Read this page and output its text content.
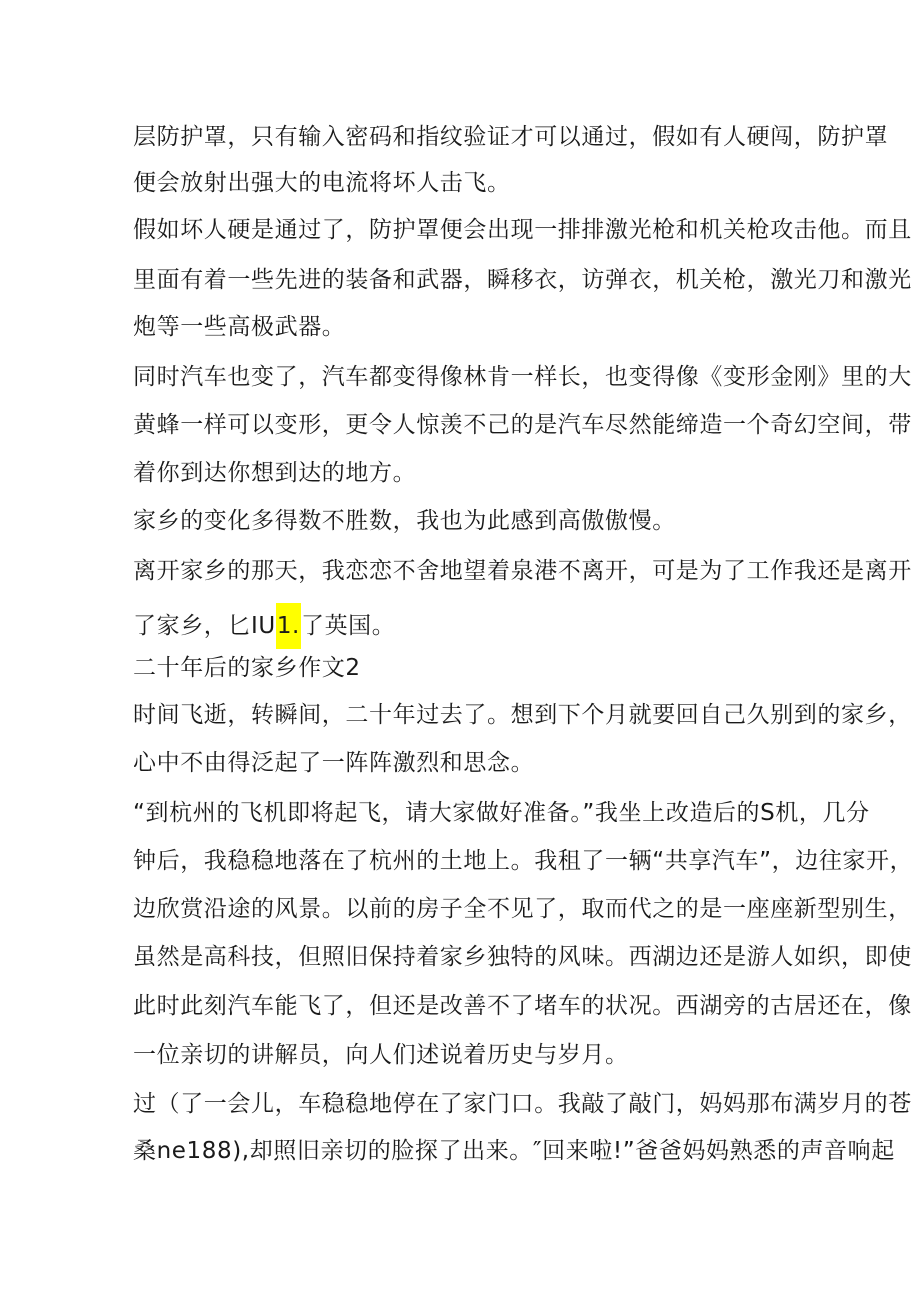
层防护罩，只有输入密码和指纹验证才可以通过，假如有人硬闯，防护罩
便会放射出强大的电流将坏人击飞。
假如坏人硬是通过了，防护罩便会出现一排排激光枪和机关枪攻击他。而且
里面有着一些先进的装备和武器，瞬移衣，访弹衣，机关枪，激光刀和激光
炮等一些高极武器。
同时汽车也变了，汽车都变得像林肯一样长，也变得像《变形金刚》里的大
黄蜂一样可以变形，更令人惊羡不己的是汽车尽然能缔造一个奇幻空间，带
着你到达你想到达的地方。
家乡的变化多得数不胜数，我也为此感到高傲傲慢。
离开家乡的那天，我恋恋不舍地望着泉港不离开，可是为了工作我还是离开
了家乡，匕IU1.了英国。
二十年后的家乡作文2
时间飞逝，转瞬间，二十年过去了。想到下个月就要回自己久别到的家乡，
心中不由得泛起了一阵阵激烈和思念。
“到杭州的飞机即将起飞，请大家做好准备。”我坐上改造后的S机，几分
钟后，我稳稳地落在了杭州的土地上。我租了一辆“共享汽车”，边往家开，
边欣赏沿途的风景。以前的房子全不见了，取而代之的是一座座新型别生，
虽然是高科技，但照旧保持着家乡独特的风味。西湖边还是游人如织，即使
此时此刻汽车能飞了，但还是改善不了堵车的状况。西湖旁的古居还在，像
一位亲切的讲解员，向人们述说着历史与岁月。
过（了一会儿，车稳稳地停在了家门口。我敲了敲门，妈妈那布满岁月的苍
桑ne188),却照旧亲切的脸探了出来。″回来啦!”爸爸妈妈熟悉的声音响起
